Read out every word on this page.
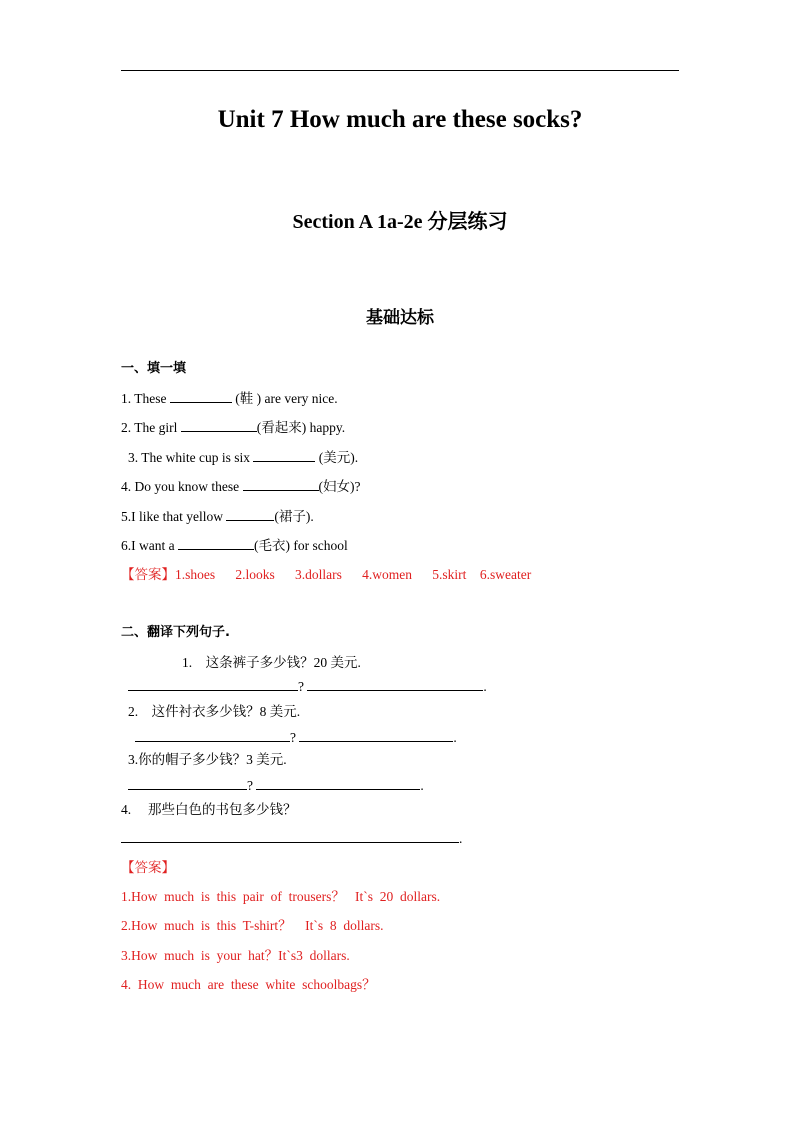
Unit 7 How much are these socks?
Section A 1a-2e 分层练习
基础达标
一、填一填
1. These	(鞋 ) are very nice.
2. The girl	(看起来) happy.
3. The white cup is six	(美元).
4. Do you know these	(妇女)?
5.I like that yellow	(裙子).
6.I want a	(毛衣) for school
【答案】1.shoes      2.looks      3.dollars      4.women      5.skirt    6.sweater
二、翻译下列句子.
1.    这条裤子多少钱？20 美元.
?	.
2.    这件衬衣多少钱？8 美元.
?	.
3.你的帽子多少钱？3 美元.
?	.
4.     那些白色的书包多少钱？
.
【答案】
1.How  much  is  this  pair  of  trousers？   It`s  20  dollars.
2.How  much  is  this  T-shirt？    It`s  8  dollars.
3.How  much  is  your  hat？It`s3  dollars.
4.  How  much  are  these  white  schoolbags？
